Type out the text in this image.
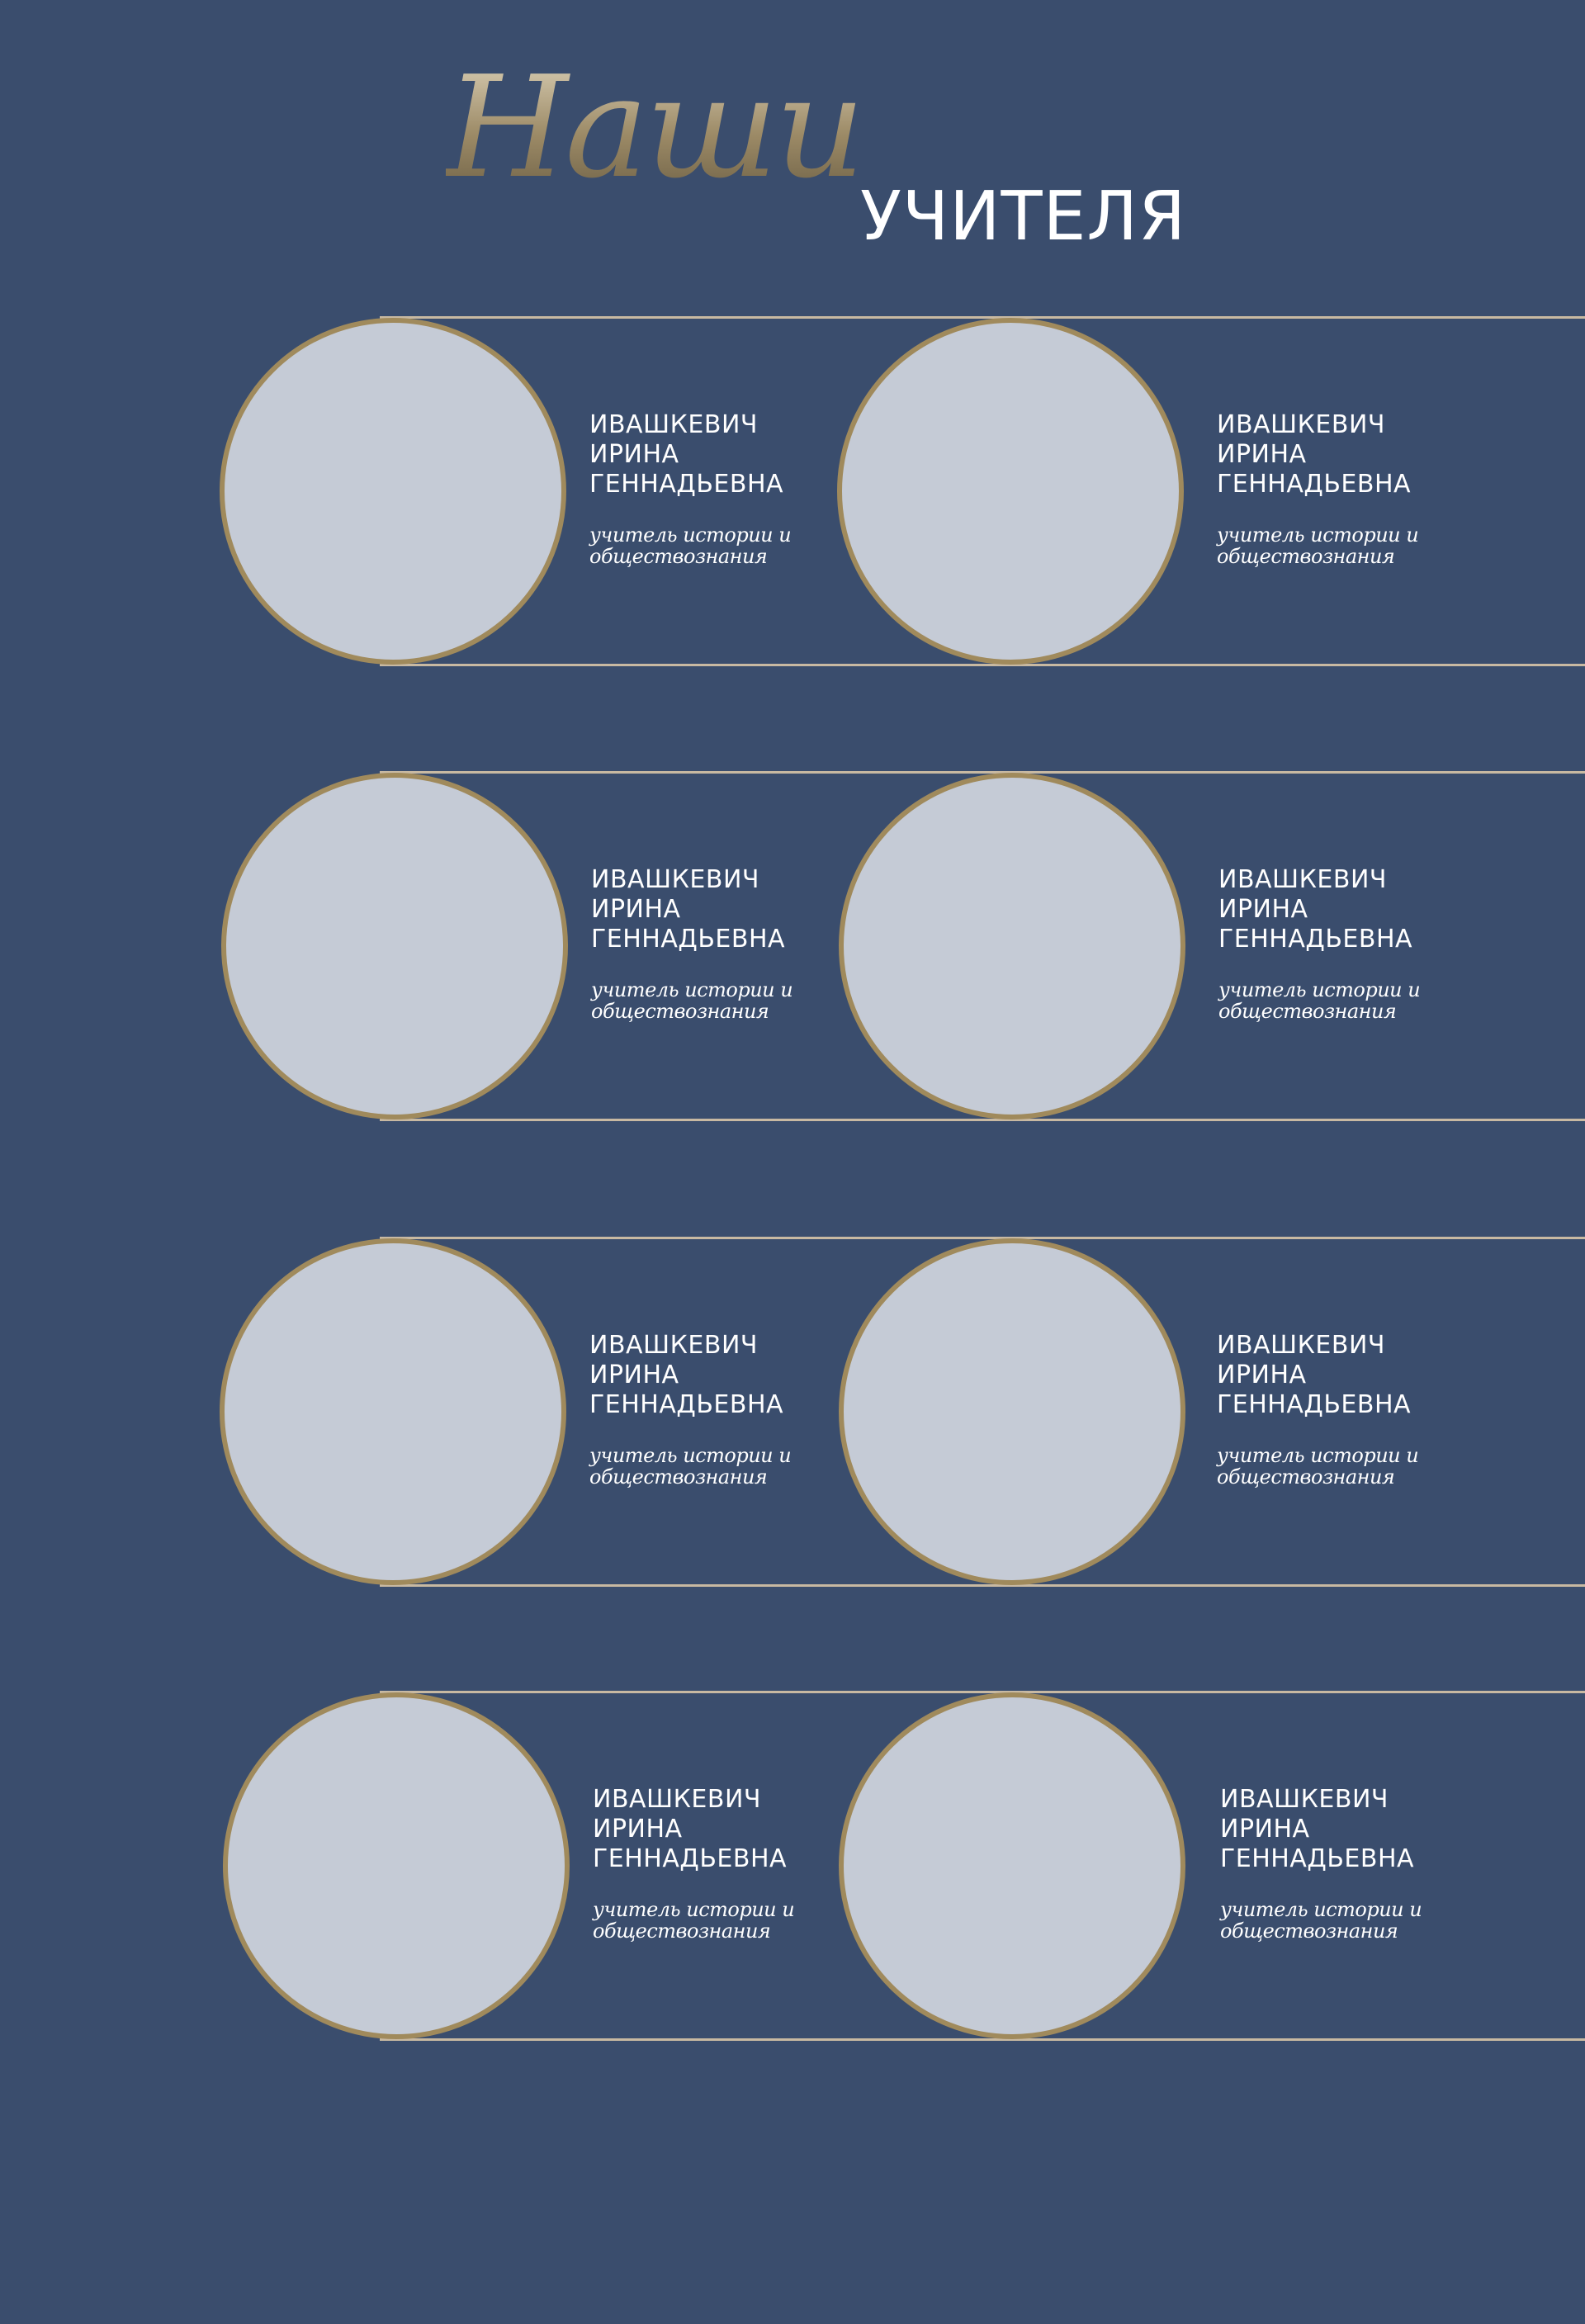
Наши
УЧИТЕЛЯ
ИВАШКЕВИЧ
ИРИНА
ГЕННАДЬЕВНА
учитель истории и
обществознания
ИВАШКЕВИЧ
ИРИНА
ГЕННАДЬЕВНА
учитель истории и
обществознания
ИВАШКЕВИЧ
ИРИНА
ГЕННАДЬЕВНА
учитель истории и
обществознания
ИВАШКЕВИЧ
ИРИНА
ГЕННАДЬЕВНА
учитель истории и
обществознания
ИВАШКЕВИЧ
ИРИНА
ГЕННАДЬЕВНА
учитель истории и
обществознания
ИВАШКЕВИЧ
ИРИНА
ГЕННАДЬЕВНА
учитель истории и
обществознания
ИВАШКЕВИЧ
ИРИНА
ГЕННАДЬЕВНА
учитель истории и
обществознания
ИВАШКЕВИЧ
ИРИНА
ГЕННАДЬЕВНА
учитель истории и
обществознания
